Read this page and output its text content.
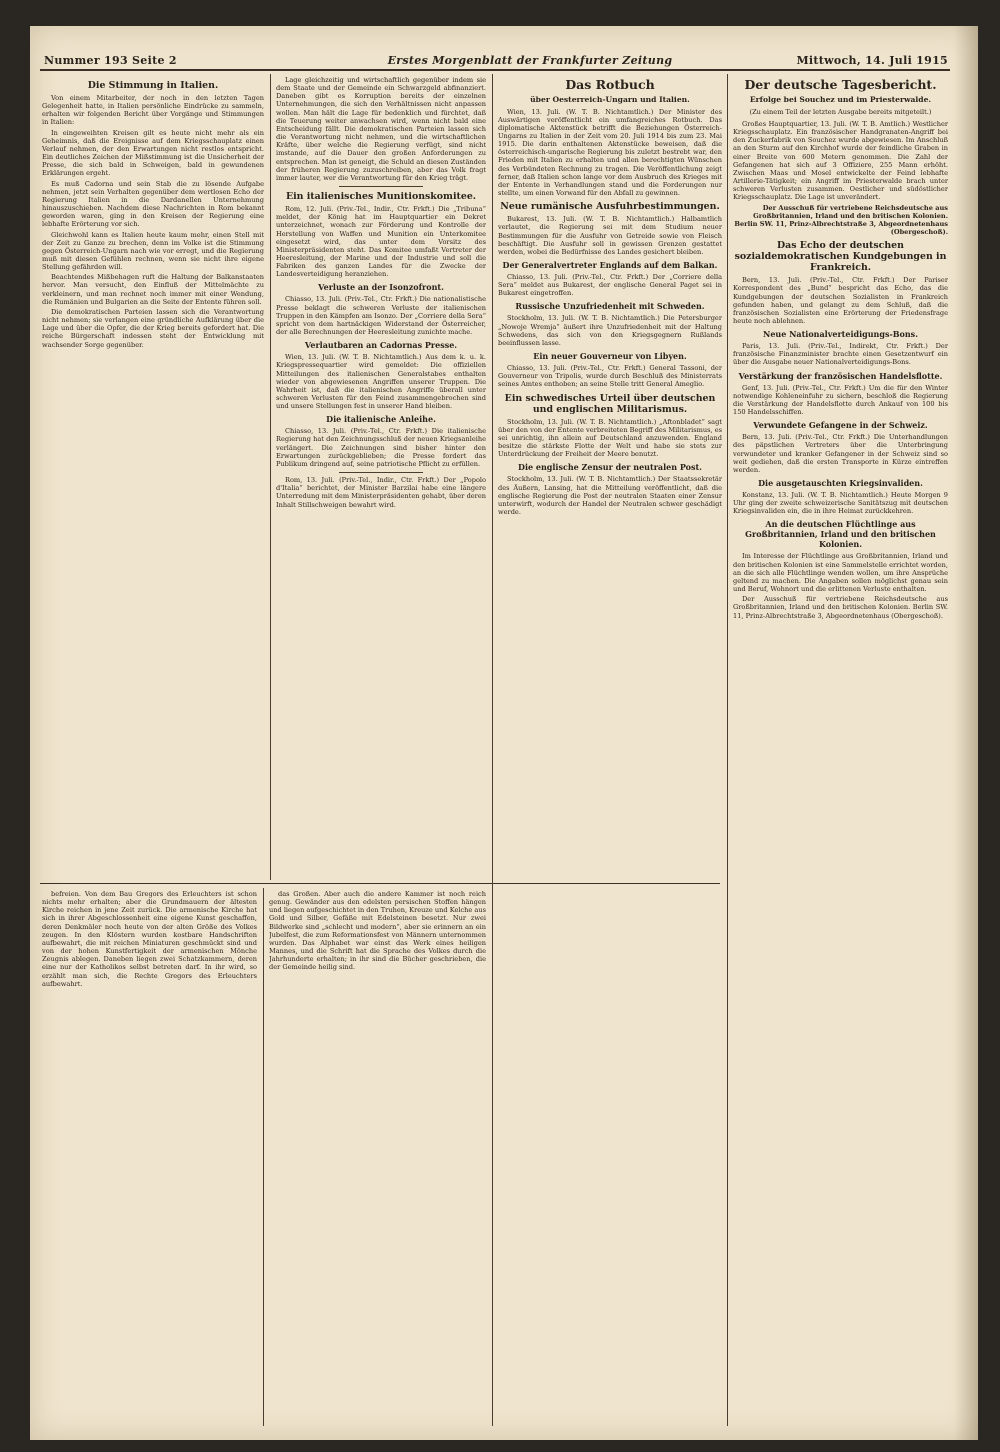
Nummer 193 Seite 2	Erstes Morgenblatt der Frankfurter Zeitung	Mittwoch, 14. Juli 1915
Die Stimmung in Italien.

Von einem Mitarbeiter, der noch in den letzten Tagen Gelegenheit hatte, in Italien persönliche Eindrücke zu sammeln, erhalten wir folgenden Bericht über Vorgänge und Stimmungen in Italien:

In eingeweihten Kreisen gilt es heute nicht mehr als ein Geheimnis, daß die Ereignisse auf dem Kriegsschauplatz einen Verlauf nehmen, der den Erwartungen nicht restlos entspricht. Ein deutliches Zeichen der Mißstimmung ist die Unsicherheit der Presse, die sich bald in Schweigen, bald in gewundenen Erklärungen ergeht.

Es muß Cadorna und sein Stab die zu lösende Aufgabe nehmen, jetzt sein Verhalten gegenüber dem wertlosen Echo der Regierung Italien in die Dardanellen Unternehmung hinauszuschieben. Nachdem diese Nachrichten in Rom bekannt geworden waren, ging in den Kreisen der Regierung eine lebhafte Erörterung vor sich.

Gleichwohl kann es Italien heute kaum mehr, einen Stell mit der Zeit zu Ganze zu brechen, denn im Volke ist die Stimmung gegen Österreich-Ungarn nach wie vor erregt, und die Regierung muß mit diesen Gefühlen rechnen, wenn sie nicht ihre eigene Stellung gefährden will.

Beachtendes Mißbehagen ruft die Haltung der Balkanstaaten hervor. Man versucht, den Einfluß der Mittelmächte zu verkleinern, und man rechnet noch immer mit einer Wendung, die Rumänien und Bulgarien an die Seite der Entente führen soll.

Die demokratischen Parteien lassen sich die Verantwortung nicht nehmen; sie verlangen eine gründliche Aufklärung über die Lage und über die Opfer, die der Krieg bereits gefordert hat. Die reiche Bürgerschaft indessen steht der Entwicklung mit wachsender Sorge gegenüber.

Lage gleichzeitig und wirtschaftlich gegenüber indem sie dem Staate und der Gemeinde ein Schwarzgeld abfinanziert. Daneben gibt es Korruption bereits der einzelnen Unternehmungen, die sich den Verhältnissen nicht anpassen wollen. Man hält die Lage für bedenklich und fürchtet, daß die Teuerung weiter anwachsen wird, wenn nicht bald eine Entscheidung fällt. Die demokratischen Parteien lassen sich die Verantwortung nicht nehmen, und die wirtschaftlichen Kräfte, über welche die Regierung verfügt, sind nicht imstande, auf die Dauer den großen Anforderungen zu entsprechen. Man ist geneigt, die Schuld an diesen Zuständen der früheren Regierung zuzuschreiben, aber das Volk fragt immer lauter, wer die Verantwortung für den Krieg trägt.

Ein italienisches Munitionskomitee.

Rom, 12. Juli. (Priv.-Tel., Indir., Ctr. Frkft.) Die „Tribuna“ meldet, der König hat im Hauptquartier ein Dekret unterzeichnet, wonach zur Förderung und Kontrolle der Herstellung von Waffen und Munition ein Unterkomitee eingesetzt wird, das unter dem Vorsitz des Ministerpräsidenten steht. Das Komitee umfaßt Vertreter der Heeresleitung, der Marine und der Industrie und soll die Fabriken des ganzen Landes für die Zwecke der Landesverteidigung heranziehen.

Verluste an der Isonzofront.

Chiasso, 13. Juli. (Priv.-Tel., Ctr. Frkft.) Die nationalistische Presse beklagt die schweren Verluste der italienischen Truppen in den Kämpfen am Isonzo. Der „Corriere della Sera“ spricht von dem hartnäckigen Widerstand der Österreicher, der alle Berechnungen der Heeresleitung zunichte mache.

Verlautbaren an Cadornas Presse.

Wien, 13. Juli. (W. T. B. Nichtamtlich.) Aus dem k. u. k. Kriegspressequartier wird gemeldet: Die offiziellen Mitteilungen des italienischen Generalstabes enthalten wieder von abgewiesenen Angriffen unserer Truppen. Die Wahrheit ist, daß die italienischen Angriffe überall unter schweren Verlusten für den Feind zusammengebrochen sind und unsere Stellungen fest in unserer Hand bleiben.

Die italienische Anleihe.

Chiasso, 13. Juli. (Priv.-Tel., Ctr. Frkft.) Die italienische Regierung hat den Zeichnungsschluß der neuen Kriegsanleihe verlängert. Die Zeichnungen sind bisher hinter den Erwartungen zurückgeblieben; die Presse fordert das Publikum dringend auf, seine patriotische Pflicht zu erfüllen.

Rom, 13. Juli. (Priv.-Tel., Indir., Ctr. Frkft.) Der „Popolo d'Italia“ berichtet, der Minister Barzilai habe eine längere Unterredung mit dem Ministerpräsidenten gehabt, über deren Inhalt Stillschweigen bewahrt wird.

Das Rotbuch
über Oesterreich-Ungarn und Italien.

Wien, 13. Juli. (W. T. B. Nichtamtlich.) Der Minister des Auswärtigen veröffentlicht ein umfangreiches Rotbuch. Das diplomatische Aktenstück betrifft die Beziehungen Österreich-Ungarns zu Italien in der Zeit vom 20. Juli 1914 bis zum 23. Mai 1915. Die darin enthaltenen Aktenstücke beweisen, daß die österreichisch-ungarische Regierung bis zuletzt bestrebt war, den Frieden mit Italien zu erhalten und allen berechtigten Wünschen des Verbündeten Rechnung zu tragen. Die Veröffentlichung zeigt ferner, daß Italien schon lange vor dem Ausbruch des Krieges mit der Entente in Verhandlungen stand und die Forderungen nur stellte, um einen Vorwand für den Abfall zu gewinnen.

Neue rumänische Ausfuhrbestimmungen.

Bukarest, 13. Juli. (W. T. B. Nichtamtlich.) Halbamtlich verlautet, die Regierung sei mit dem Studium neuer Bestimmungen für die Ausfuhr von Getreide sowie von Fleisch beschäftigt. Die Ausfuhr soll in gewissen Grenzen gestattet werden, wobei die Bedürfnisse des Landes gesichert bleiben.

Der Generalvertreter Englands auf dem Balkan.

Chiasso, 13. Juli. (Priv.-Tel., Ctr. Frkft.) Der „Corriere della Sera“ meldet aus Bukarest, der englische General Paget sei in Bukarest eingetroffen.

Russische Unzufriedenheit mit Schweden.

Stockholm, 13. Juli. (W. T. B. Nichtamtlich.) Die Petersburger „Nowoje Wremja“ äußert ihre Unzufriedenheit mit der Haltung Schwedens, das sich von den Kriegsgegnern Rußlands beeinflussen lasse.

Ein neuer Gouverneur von Libyen.

Chiasso, 13. Juli. (Priv.-Tel., Ctr. Frkft.) General Tassoni, der Gouverneur von Tripolis, wurde durch Beschluß des Ministerrats seines Amtes enthoben; an seine Stelle tritt General Ameglio.

Ein schwedisches Urteil über deutschen und englischen Militarismus.

Stockholm, 13. Juli. (W. T. B. Nichtamtlich.) „Aftonbladet“ sagt über den von der Entente verbreiteten Begriff des Militarismus, es sei unrichtig, ihn allein auf Deutschland anzuwenden. England besitze die stärkste Flotte der Welt und habe sie stets zur Unterdrückung der Freiheit der Meere benutzt.

Die englische Zensur der neutralen Post.

Stockholm, 13. Juli. (W. T. B. Nichtamtlich.) Der Staatssekretär des Äußern, Lansing, hat die Mitteilung veröffentlicht, daß die englische Regierung die Post der neutralen Staaten einer Zensur unterwirft, wodurch der Handel der Neutralen schwer geschädigt werde.

Der deutsche Tagesbericht.
Erfolge bei Souchez und im Priesterwalde.
(Zu einem Teil der letzten Ausgabe bereits mitgeteilt.)

Großes Hauptquartier, 13. Juli. (W. T. B. Amtlich.) Westlicher Kriegsschauplatz. Ein französischer Handgranaten-Angriff bei den Zuckerfabrik von Souchez wurde abgewiesen. Im Anschluß an den Sturm auf den Kirchhof wurde der feindliche Graben in einer Breite von 600 Metern genommen. Die Zahl der Gefangenen hat sich auf 3 Offiziere, 255 Mann erhöht. Zwischen Maas und Mosel entwickelte der Feind lebhafte Artillerie-Tätigkeit; ein Angriff im Priesterwalde brach unter schweren Verlusten zusammen. Oestlicher und südöstlicher Kriegsschauplatz. Die Lage ist unverändert.

Der Ausschuß für vertriebene Reichsdeutsche aus Großbritannien, Irland und den britischen Kolonien. Berlin SW. 11, Prinz-Albrechtstraße 3, Abgeordnetenhaus (Obergeschoß).
Das Echo der deutschen sozialdemokratischen Kundgebungen in Frankreich.

Bern, 13. Juli. (Priv.-Tel., Ctr. Frkft.) Der Pariser Korrespondent des „Bund“ bespricht das Echo, das die Kundgebungen der deutschen Sozialisten in Frankreich gefunden haben, und gelangt zu dem Schluß, daß die französischen Sozialisten eine Erörterung der Friedensfrage heute noch ablehnen.

Neue Nationalverteidigungs-Bons.

Paris, 13. Juli. (Priv.-Tel., Indirekt, Ctr. Frkft.) Der französische Finanzminister brachte einen Gesetzentwurf ein über die Ausgabe neuer Nationalverteidigungs-Bons.

Verstärkung der französischen Handelsflotte.

Genf, 13. Juli. (Priv.-Tel., Ctr. Frkft.) Um die für den Winter notwendige Kohleneinfuhr zu sichern, beschloß die Regierung die Verstärkung der Handelsflotte durch Ankauf von 100 bis 150 Handelsschiffen.

Verwundete Gefangene in der Schweiz.

Bern, 13. Juli. (Priv.-Tel., Ctr. Frkft.) Die Unterhandlungen des päpstlichen Vertreters über die Unterbringung verwundeter und kranker Gefangener in der Schweiz sind so weit gediehen, daß die ersten Transporte in Kürze eintreffen werden.

Die ausgetauschten Kriegsinvaliden.

Konstanz, 13. Juli. (W. T. B. Nichtamtlich.) Heute Morgen 9 Uhr ging der zweite schweizerische Sanitätszug mit deutschen Kriegsinvaliden ein, die in ihre Heimat zurückkehren.

An die deutschen Flüchtlinge aus Großbritannien, Irland und den britischen Kolonien.

Im Interesse der Flüchtlinge aus Großbritannien, Irland und den britischen Kolonien ist eine Sammelstelle errichtet worden, an die sich alle Flüchtlinge wenden wollen, um ihre Ansprüche geltend zu machen. Die Angaben sollen möglichst genau sein und Beruf, Wohnort und die erlittenen Verluste enthalten.

Der Ausschuß für vertriebene Reichsdeutsche aus Großbritannien, Irland und den britischen Kolonien. Berlin SW. 11, Prinz-Albrechtstraße 3, Abgeordnetenhaus (Obergeschoß).

befreien. Von dem Bau Gregors des Erleuchters ist schon nichts mehr erhalten; aber die Grundmauern der ältesten Kirche reichen in jene Zeit zurück. Die armenische Kirche hat sich in ihrer Abgeschlossenheit eine eigene Kunst geschaffen, deren Denkmäler noch heute von der alten Größe des Volkes zeugen. In den Klöstern wurden kostbare Handschriften aufbewahrt, die mit reichen Miniaturen geschmückt sind und von der hohen Kunstfertigkeit der armenischen Mönche Zeugnis ablegen. Daneben liegen zwei Schatzkammern, deren eine nur der Katholikos selbst betreten darf. In ihr wird, so erzählt man sich, die Rechte Gregors des Erleuchters aufbewahrt.

das Großen. Aber auch die andere Kammer ist noch reich genug. Gewänder aus den edelsten persischen Stoffen hängen und liegen aufgeschichtet in den Truhen, Kreuze und Kelche aus Gold und Silber, Gefäße mit Edelsteinen besetzt. Nur zwei Bildwerke sind „schlecht und modern“, aber sie erinnern an ein Jubelfest, die zum Reformationsfest von Männern unternommen wurden. Das Alphabet war einst das Werk eines heiligen Mannes, und die Schrift hat die Sprache des Volkes durch die Jahrhunderte erhalten; in ihr sind die Bücher geschrieben, die der Gemeinde heilig sind.
